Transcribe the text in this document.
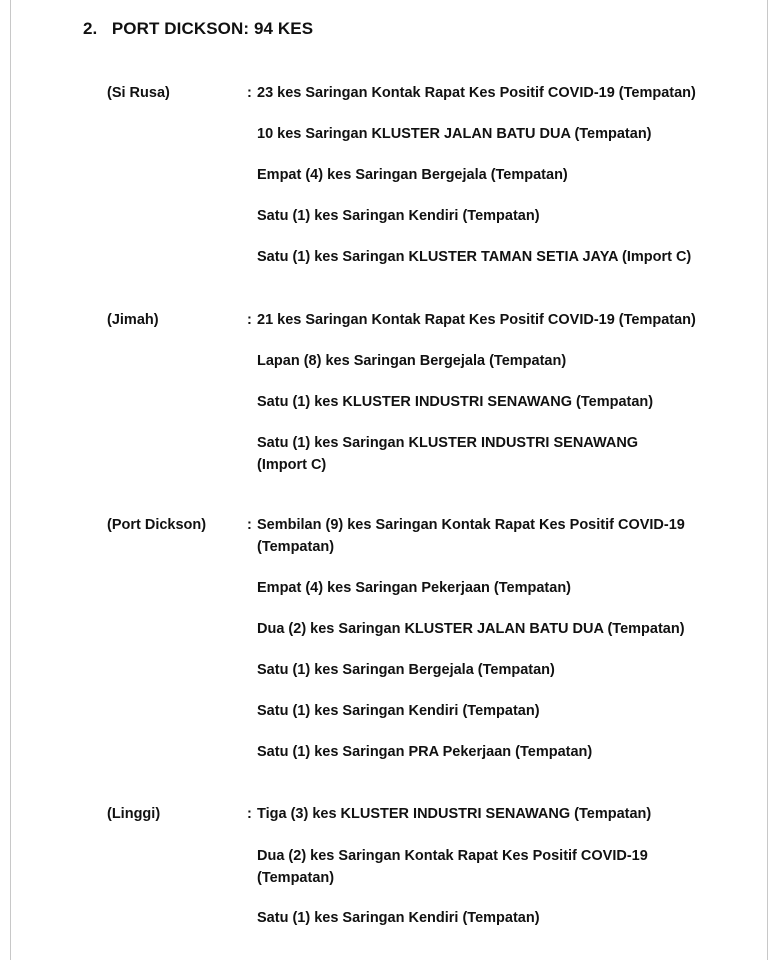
2. PORT DICKSON: 94 KES
(Si Rusa)	: 23 kes Saringan Kontak Rapat Kes Positif COVID-19 (Tempatan)
10 kes Saringan KLUSTER JALAN BATU DUA (Tempatan)
Empat (4) kes Saringan Bergejala (Tempatan)
Satu (1) kes Saringan Kendiri (Tempatan)
Satu (1) kes Saringan KLUSTER TAMAN SETIA JAYA (Import C)
(Jimah)	: 21 kes Saringan Kontak Rapat Kes Positif COVID-19 (Tempatan)
Lapan (8) kes Saringan Bergejala (Tempatan)
Satu (1) kes KLUSTER INDUSTRI SENAWANG (Tempatan)
Satu (1) kes Saringan KLUSTER INDUSTRI SENAWANG (Import C)
(Port Dickson)	: Sembilan (9) kes Saringan Kontak Rapat Kes Positif COVID-19 (Tempatan)
Empat (4) kes Saringan Pekerjaan (Tempatan)
Dua (2) kes Saringan KLUSTER JALAN BATU DUA (Tempatan)
Satu (1) kes Saringan Bergejala (Tempatan)
Satu (1) kes Saringan Kendiri (Tempatan)
Satu (1) kes Saringan PRA Pekerjaan (Tempatan)
(Linggi)	: Tiga (3) kes KLUSTER INDUSTRI SENAWANG (Tempatan)
Dua (2) kes Saringan Kontak Rapat Kes Positif COVID-19 (Tempatan)
Satu (1) kes Saringan Kendiri (Tempatan)
